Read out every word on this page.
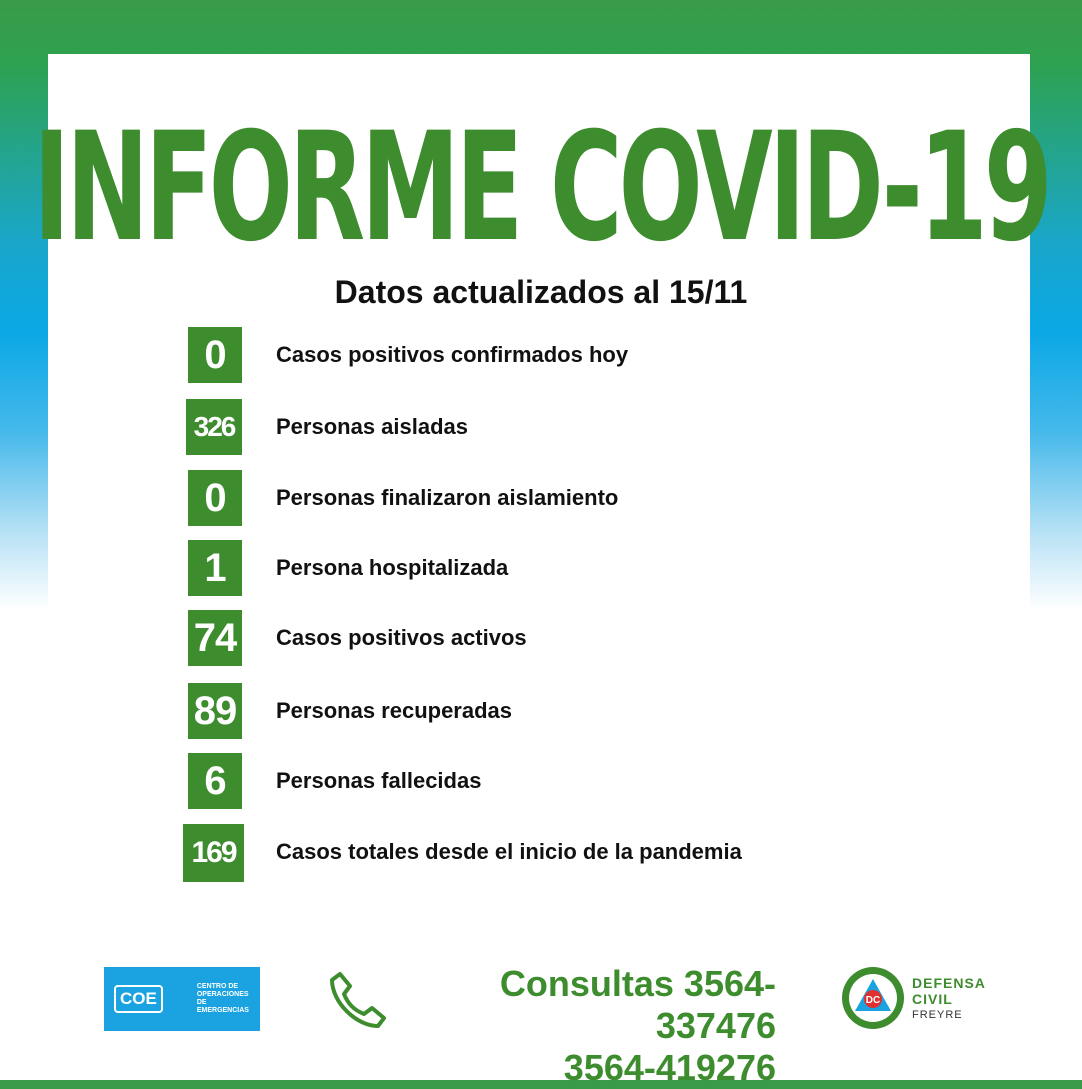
INFORME COVID-19
Datos actualizados al 15/11
0	Casos positivos confirmados hoy
326	Personas aisladas
0	Personas finalizaron aislamiento
1	Persona hospitalizada
74 Casos positivos activos
89 Personas recuperadas
6	Personas fallecidas
169	Casos totales desde el inicio de la pandemia
COE
CENTRO DE OPERACIONES DE EMERGENCIAS
Consultas 3564-337476
3564-419276
DC
DEFENSA
CIVIL
FREYRE
